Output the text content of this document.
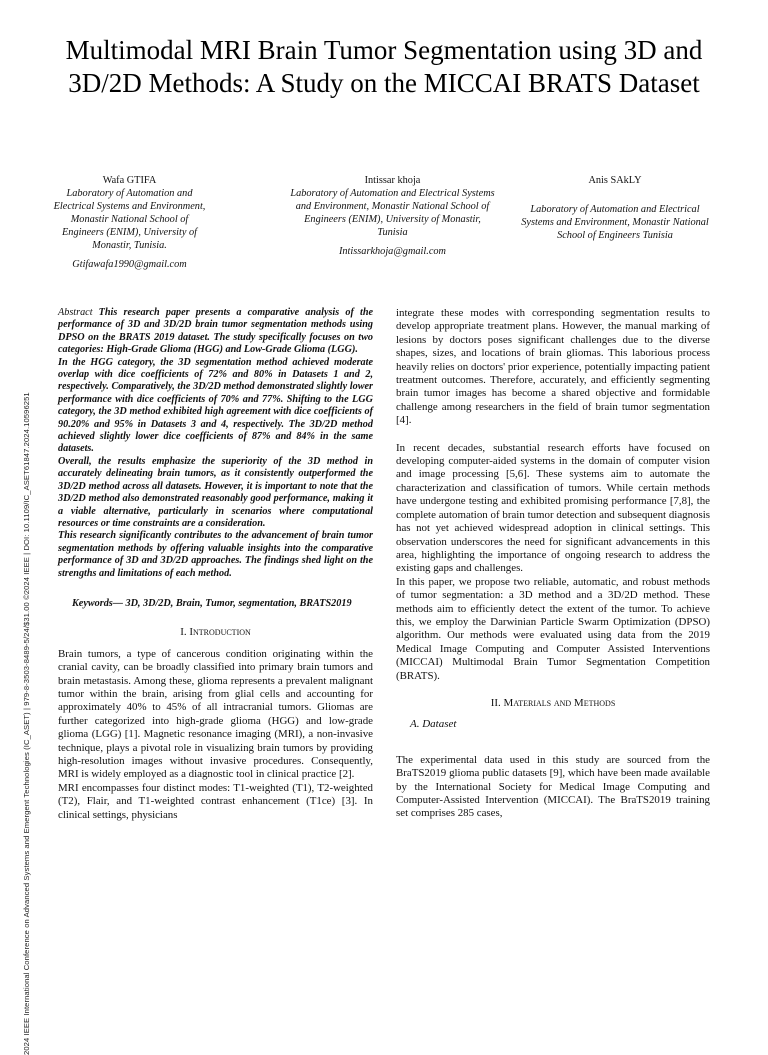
2024 IEEE International Conference on Advanced Systems and Emergent Technologies (IC_ASET) | 979-8-3503-8489-5/24/$31.00 ©2024 IEEE | DOI: 10.1109/IC_ASET61847.2024.10596251
Multimodal MRI Brain Tumor Segmentation using 3D and 3D/2D Methods: A Study on the MICCAI BRATS Dataset
Wafa GTIFA
Laboratory of Automation and Electrical Systems and Environment, Monastir National School of Engineers (ENIM), University of Monastir, Tunisia.
Gtifawafa1990@gmail.com
Intissar khoja
Laboratory of Automation and Electrical Systems and Environment, Monastir National School of Engineers (ENIM), University of Monastir, Tunisia
Intissarkhoja@gmail.com
Anis SAkLY
Laboratory of Automation and Electrical Systems and Environment, Monastir National School of Engineers Tunisia

Abstract This research paper presents a comparative analysis of the performance of 3D and 3D/2D brain tumor segmentation methods using DPSO on the BRATS 2019 dataset. The study specifically focuses on two categories: High-Grade Glioma (HGG) and Low-Grade Glioma (LGG).

In the HGG category, the 3D segmentation method achieved moderate overlap with dice coefficients of 72% and 80% in Datasets 1 and 2, respectively. Comparatively, the 3D/2D method demonstrated slightly lower performance with dice coefficients of 70% and 77%. Shifting to the LGG category, the 3D method exhibited high agreement with dice coefficients of 90.20% and 95% in Datasets 3 and 4, respectively. The 3D/2D method achieved slightly lower dice coefficients of 87% and 84% in the same datasets.

Overall, the results emphasize the superiority of the 3D method in accurately delineating brain tumors, as it consistently outperformed the 3D/2D method across all datasets. However, it is important to note that the 3D/2D method also demonstrated reasonably good performance, making it a viable alternative, particularly in scenarios where computational resources or time constraints are a consideration.

This research significantly contributes to the advancement of brain tumor segmentation methods by offering valuable insights into the comparative performance of 3D and 3D/2D approaches. The findings shed light on the strengths and limitations of each method.

Keywords— 3D, 3D/2D, Brain, Tumor, segmentation, BRATS2019
I. Introduction

Brain tumors, a type of cancerous condition originating within the cranial cavity, can be broadly classified into primary brain tumors and brain metastasis. Among these, glioma represents a prevalent malignant tumor within the brain, arising from glial cells and accounting for approximately 40% to 45% of all intracranial tumors. Gliomas are further categorized into high-grade glioma (HGG) and low-grade glioma (LGG) [1]. Magnetic resonance imaging (MRI), a non-invasive technique, plays a pivotal role in visualizing brain tumors by providing high-resolution images without invasive procedures. Consequently, MRI is widely employed as a diagnostic tool in clinical practice [2].

MRI encompasses four distinct modes: T1-weighted (T1), T2-weighted (T2), Flair, and T1-weighted contrast enhancement (T1ce) [3]. In clinical settings, physicians

integrate these modes with corresponding segmentation results to develop appropriate treatment plans. However, the manual marking of lesions by doctors poses significant challenges due to the diverse shapes, sizes, and locations of brain gliomas. This laborious process heavily relies on doctors' prior experience, potentially impacting patient treatment outcomes. Therefore, accurately, and efficiently segmenting brain tumor images has become a shared objective and formidable challenge among researchers in the field of brain tumor segmentation [4].

In recent decades, substantial research efforts have focused on developing computer-aided systems in the domain of computer vision and image processing [5,6]. These systems aim to automate the characterization and classification of tumors. While certain methods have undergone testing and exhibited promising performance [7,8], the complete automation of brain tumor detection and subsequent diagnosis has not yet achieved widespread adoption in clinical settings. This observation underscores the need for significant advancements in this area, highlighting the importance of ongoing research to address the existing gaps and challenges.

In this paper, we propose two reliable, automatic, and robust methods of tumor segmentation: a 3D method and a 3D/2D method. These methods aim to efficiently detect the extent of the tumor. To achieve this, we employ the Darwinian Particle Swarm Optimization (DPSO) algorithm. Our methods were evaluated using data from the 2019 Medical Image Computing and Computer Assisted Interventions (MICCAI) Multimodal Brain Tumor Segmentation Competition (BRATS).

II. Materials and Methods
A. Dataset

The experimental data used in this study are sourced from the BraTS2019 glioma public datasets [9], which have been made available by the International Society for Medical Image Computing and Computer-Assisted Intervention (MICCAI). The BraTS2019 training set comprises 285 cases,
